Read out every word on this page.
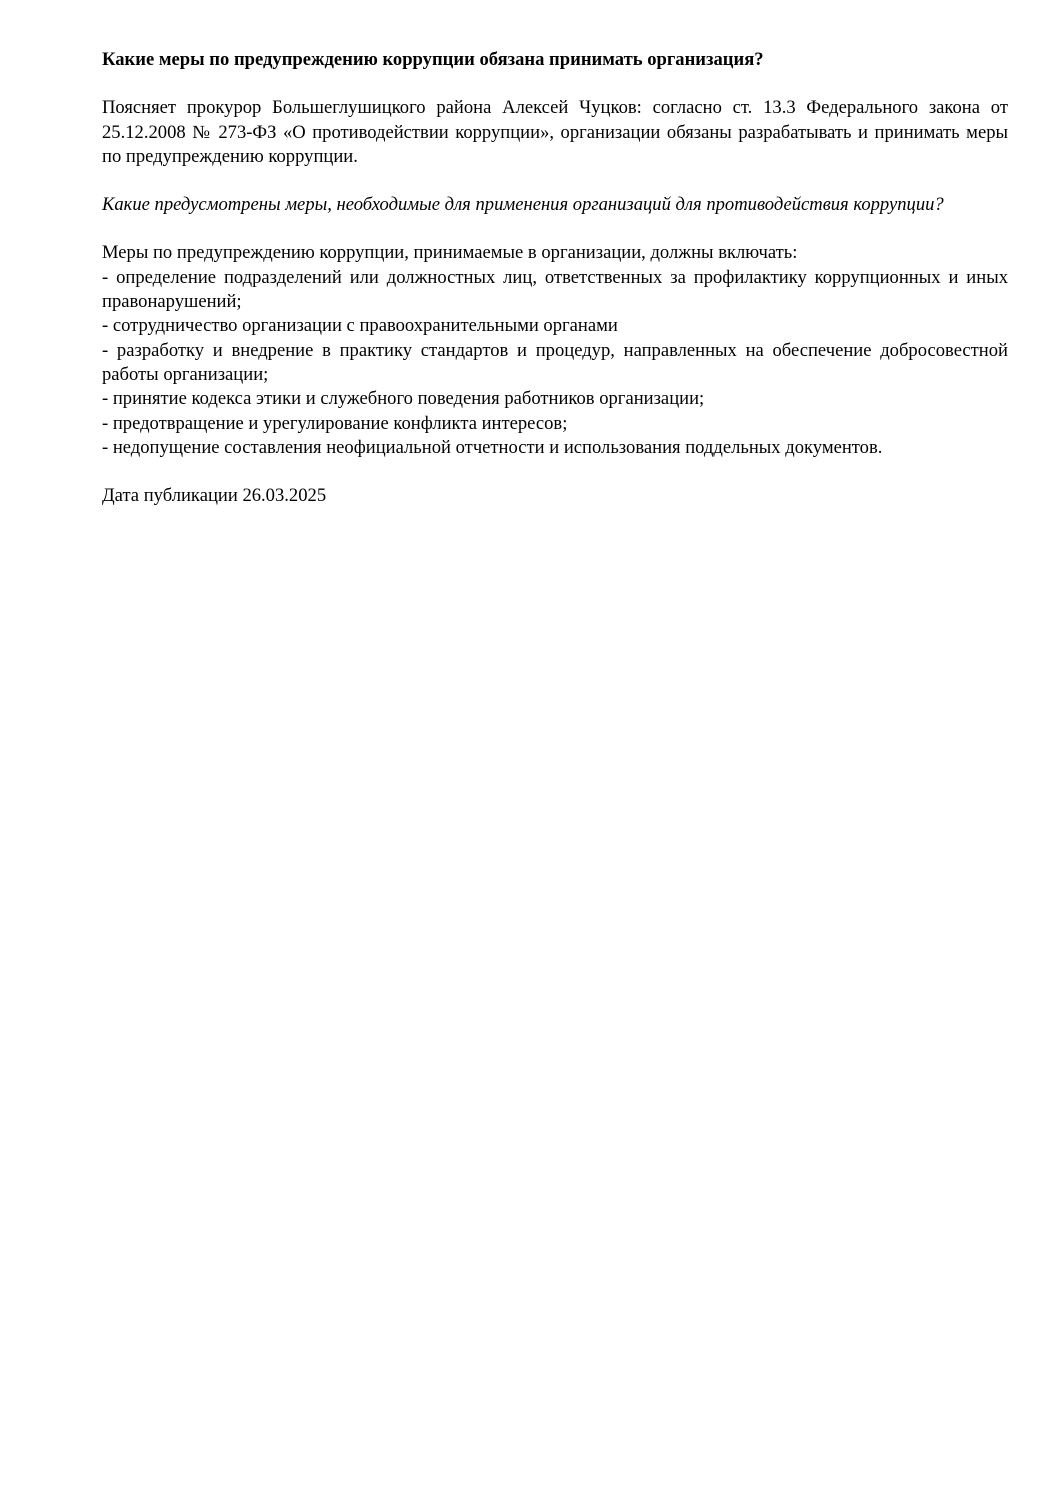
Какие меры по предупреждению коррупции обязана принимать организация?

Поясняет прокурор Большеглушицкого района Алексей Чуцков: согласно ст. 13.3 Федерального закона от 25.12.2008 № 273-ФЗ «О противодействии коррупции», организации обязаны разрабатывать и принимать меры по предупреждению коррупции.

Какие предусмотрены меры, необходимые для применения организаций для противодействия коррупции?

Меры по предупреждению коррупции, принимаемые в организации, должны включать:

- определение подразделений или должностных лиц, ответственных за профилактику коррупционных и иных правонарушений;
- сотрудничество организации с правоохранительными органами
- разработку и внедрение в практику стандартов и процедур, направленных на обеспечение добросовестной работы организации;
- принятие кодекса этики и служебного поведения работников организации;
- предотвращение и урегулирование конфликта интересов;
- недопущение составления неофициальной отчетности и использования поддельных документов.

Дата публикации 26.03.2025
